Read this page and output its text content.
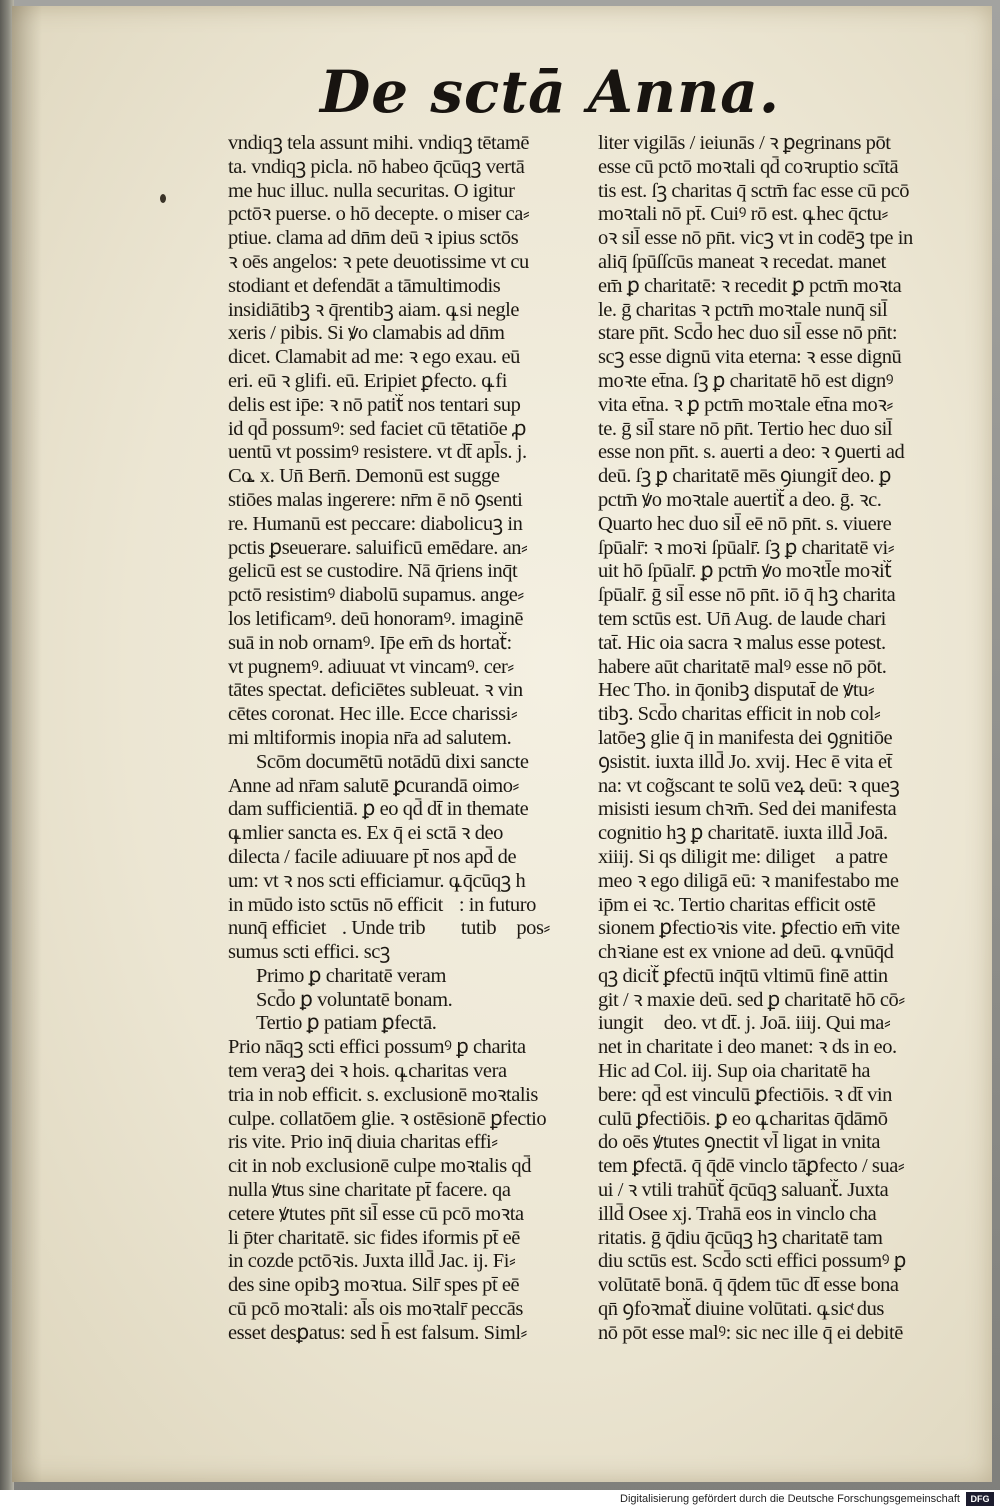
De sctā Anna.
vndiqꝫ tela assunt mihi. vndiqꝫ tētamē
ta. vndiqꝫ picla. nō habeo q̄cūqꝫ vertā
me huc illuc. nulla securitas. O igitur
pctōꝛ puerse. o hō decepte. o miser ca⸗
ptiue. clama ad dn̄m deū ꝛ ipius sctōs
ꝛ oēs angelos: ꝛ pete deuotissime vt cu
stodiant et defendāt a tāmultimodis
insidiātibꝫ ꝛ q̄rentibꝫ aiam. q꜡ si negle
xeris / pibis. Si ꝟo clamabis ad dn̄m
dicet. Clamabit ad me: ꝛ ego exau. eū
eri. eū ꝛ glifi. eū. Eripiet ꝑfecto. q꜡ fi
delis est ip̄e: ꝛ nō patit᷑ nos tentari sup
id qd̄ possumꝰ: sed faciet cū tētatiōe ꝓ
uentū vt possimꝰ resistere. vt dt̄ apl̄s. j.
Co꜡. x. Un̄ Bern̄. Demonū est sugge
stiōes malas ingerere: nr̄m ē nō ꝯsenti
re. Humanū est peccare: diabolicuꝫ in
pctis ꝑseuerare. saluificū emēdare. an⸗
gelicū est se custodire. Nā q̄riens inq̄t
pctō resistimꝰ diabolū supamus. ange⸗
los letificamꝰ. deū honoramꝰ. imaginē
suā in nob ornamꝰ. Ip̄e em̄ ds hortat᷑:
vt pugnemꝰ. adiuuat vt vincamꝰ. cer⸗
tātes spectat. deficiētes subleuat. ꝛ vin
cētes coronat. Hec ille. Ecce charissi⸗
mi mltiformis inopia nr̄a ad salutem.
Scōm documētū notādū dixi sancte
Anne ad nr̄am salutē ꝑcurandā oimo⸗
dam sufficientiā. ꝑ eo qd̄ dt̄ in themate
q꜡ mlier sancta es. Ex q̄ ei sctā ꝛ deo
dilecta / facile adiuuare pt̄ nos apd̄ de
um: vt ꝛ nos scti efficiamur. q꜡ q̄cūqꝫ h
in mūdo isto sctūs nō efficit᷑: in futuro
nunq̄ efficiet᷑. Unde tribꝫ ꝟtutibꝫ pos⸗
sumus scti effici. scꝫ
Primo ꝑ charitatē veram
Scd̄o ꝑ voluntatē bonam.
Tertio ꝑ patiam ꝑfectā.
Prio nāqꝫ scti effici possumꝰ ꝑ charita
tem veraꝫ dei ꝛ hois. q꜡ charitas vera
tria in nob efficit. s. exclusionē moꝛtalis
culpe. collatōem glie. ꝛ ostēsionē ꝑfectio
ris vite. Prio inq̄ diuia charitas effi⸗
cit in nob exclusionē culpe moꝛtalis qd̄
nulla ꝟtus sine charitate pt̄ facere. qa
cetere ꝟtutes pn̄t sil̄ esse cū pcō moꝛta
li p̄ter charitatē. sic fides iformis pt̄ eē
in cozde pctōꝛis. Juxta illd̄ Jac. ij. Fi⸗
des sine opibꝫ moꝛtua. Silr̄ spes pt̄ eē
cū pcō moꝛtali: al̄s ois moꝛtalr̄ peccās
esset desꝑatus: sed h̄ est falsum. Siml⸗
liter vigilās / ieiunās / ꝛ ꝑegrinans pōt
esse cū pctō moꝛtali qd̄ coꝛruptio scītā
tis est. ſꝫ charitas q̄ sctm̄ fac esse cū pcō
moꝛtali nō pt̄. Cuiꝰ rō est. q꜡ hec q̄ctu⸗
oꝛ sil̄ esse nō pn̄t. vicꝫ vt in codēꝫ tpe in
aliq̄ ſpūſſcūs maneat ꝛ recedat. manet
em̄ ꝑ charitatē: ꝛ recedit ꝑ pctm̄ moꝛta
le. ḡ charitas ꝛ pctm̄ moꝛtale nunq̄ sil̄
stare pn̄t. Scd̄o hec duo sil̄ esse nō pn̄t:
scꝫ esse dignū vita eterna: ꝛ esse dignū
moꝛte et̄na. ſꝫ ꝑ charitatē hō est dignꝰ
vita et̄na. ꝛ ꝑ pctm̄ moꝛtale et̄na moꝛ⸗
te. ḡ sil̄ stare nō pn̄t. Tertio hec duo sil̄
esse non pn̄t. s. auerti a deo: ꝛ ꝯuerti ad
deū. ſꝫ ꝑ charitatē mēs ꝯiungit̄ deo. ꝑ
pctm̄ ꝟo moꝛtale auertit᷑ a deo. ḡ. ꝛc.
Quarto hec duo sil̄ eē nō pn̄t. s. viuere
ſpūalr̄: ꝛ moꝛi ſpūalr̄. ſꝫ ꝑ charitatē vi⸗
uit hō ſpūalr̄. ꝑ pctm̄ ꝟo moꝛtl̄e moꝛit᷑
ſpūalr̄. ḡ sil̄ esse nō pn̄t. iō q̄ hꝫ charita
tem sctūs est. Un̄ Aug. de laude chari
tat̄. Hic oia sacra ꝛ malus esse potest.
habere aūt charitatē malꝰ esse nō pōt.
Hec Tho. in q̄onibꝫ disputat̄ de ꝟtu⸗
tibꝫ. Scd̄o charitas efficit in nob col⸗
latōeꝫ glie q̄ in manifesta dei ꝯgnitiōe
ꝯsistit. iuxta illd̄ Jo. xvij. Hec ē vita et̄
na: vt cog̃scant te solū veꝝ deū: ꝛ queꝫ
misisti iesum chꝛm̄. Sed dei manifesta
cognitio hꝫ ꝑ charitatē. iuxta illd̄ Joā.
xiiij. Si qs diligit me: diliget᷑ a patre
meo ꝛ ego diligā eū: ꝛ manifestabo me
ip̄m ei ꝛc. Tertio charitas efficit ostē
sionem ꝑfectioꝛis vite. ꝑfectio em̄ vite
chꝛiane est ex vnione ad deū. q꜡ vnūq̄d
qꝫ dicit᷑ ꝑfectū inq̄tū vltimū finē attin
git / ꝛ maxie deū. sed ꝑ charitatē hō cō⸗
iungit᷑ deo. vt dt̄. j. Joā. iiij. Qui ma⸗
net in charitate i deo manet: ꝛ ds in eo.
Hic ad Col. iij. Sup oia charitatē ha
bere: qd̄ est vinculū ꝑfectiōis. ꝛ dt̄ vin
culū ꝑfectiōis. ꝑ eo q꜡ charitas q̄dāmō
do oēs ꝟtutes ꝯnectit vl̄ ligat in vnita
tem ꝑfectā. q̄ q̄dē vinclo tāꝑfecto / sua⸗
ui / ꝛ vtili trahūt᷑ q̄cūqꝫ saluant᷑. Juxta
illd̄ Osee xj. Trahā eos in vinclo cha
ritatis. ḡ q̄diu q̄cūqꝫ hꝫ charitatē tam
diu sctūs est. Scd̄o scti effici possumꝰ ꝑ
volūtatē bonā. q̄ q̄dem tūc dt̄ esse bona
qn̄ ꝯfoꝛmat᷑ diuine volūtati. q꜡ sicͭ dus
nō pōt esse malꝰ: sic nec ille q̄ ei debitē
Digitalisierung gefördert durch die Deutsche Forschungsgemeinschaft	DFG
